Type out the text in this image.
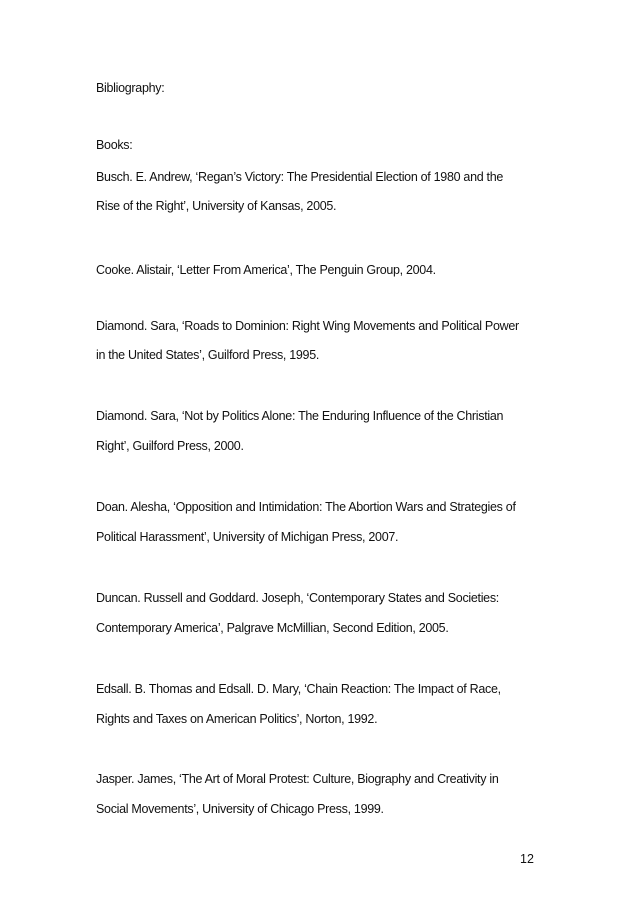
Bibliography:

Books:

Busch. E. Andrew, ‘Regan’s Victory: The Presidential Election of 1980 and the

Rise of the Right’, University of Kansas, 2005.

Cooke. Alistair, ‘Letter From America’, The Penguin Group, 2004.

Diamond. Sara, ‘Roads to Dominion: Right Wing Movements and Political Power

in the United States’, Guilford Press, 1995.

Diamond. Sara, ‘Not by Politics Alone: The Enduring Influence of the Christian

Right’, Guilford Press, 2000.

Doan. Alesha, ‘Opposition and Intimidation: The Abortion Wars and Strategies of

Political Harassment’, University of Michigan Press, 2007.

Duncan. Russell and Goddard. Joseph, ‘Contemporary States and Societies:

Contemporary America’, Palgrave McMillian, Second Edition, 2005.

Edsall. B. Thomas and Edsall. D. Mary, ‘Chain Reaction: The Impact of Race,

Rights and Taxes on American Politics’, Norton, 1992.

Jasper. James, ‘The Art of Moral Protest: Culture, Biography and Creativity in

Social Movements’, University of Chicago Press, 1999.

12
